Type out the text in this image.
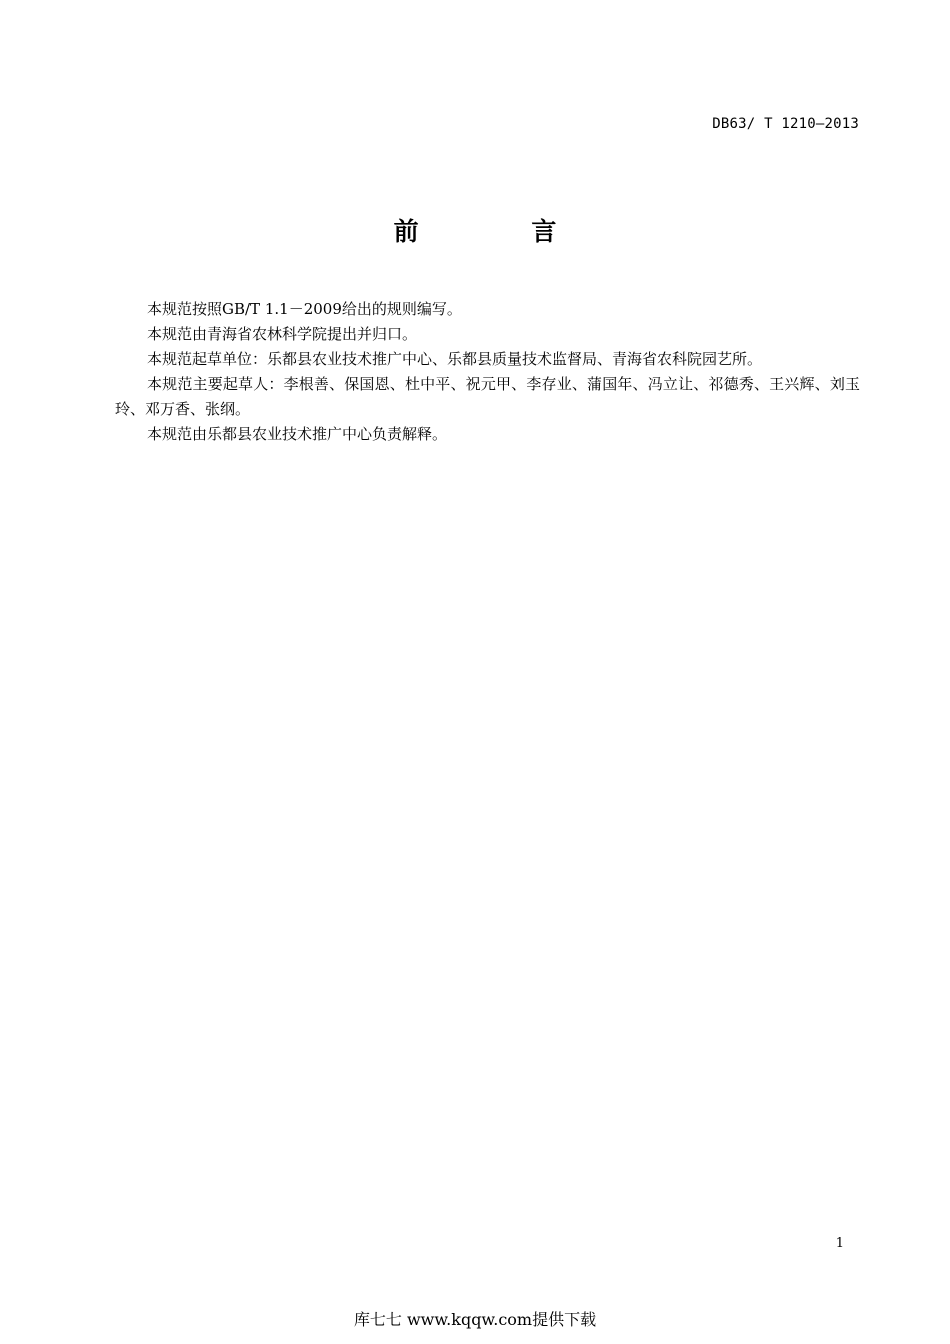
DB63/ T 1210—2013
前 言

本规范按照GB/T 1.1－2009给出的规则编写。

本规范由青海省农林科学院提出并归口。

本规范起草单位：乐都县农业技术推广中心、乐都县质量技术监督局、青海省农科院园艺所。

本规范主要起草人：李根善、保国恩、杜中平、祝元甲、李存业、蒲国年、冯立让、祁德秀、王兴辉、刘玉玲、邓万香、张纲。

本规范由乐都县农业技术推广中心负责解释。

1
库七七 www.kqqw.com提供下载
